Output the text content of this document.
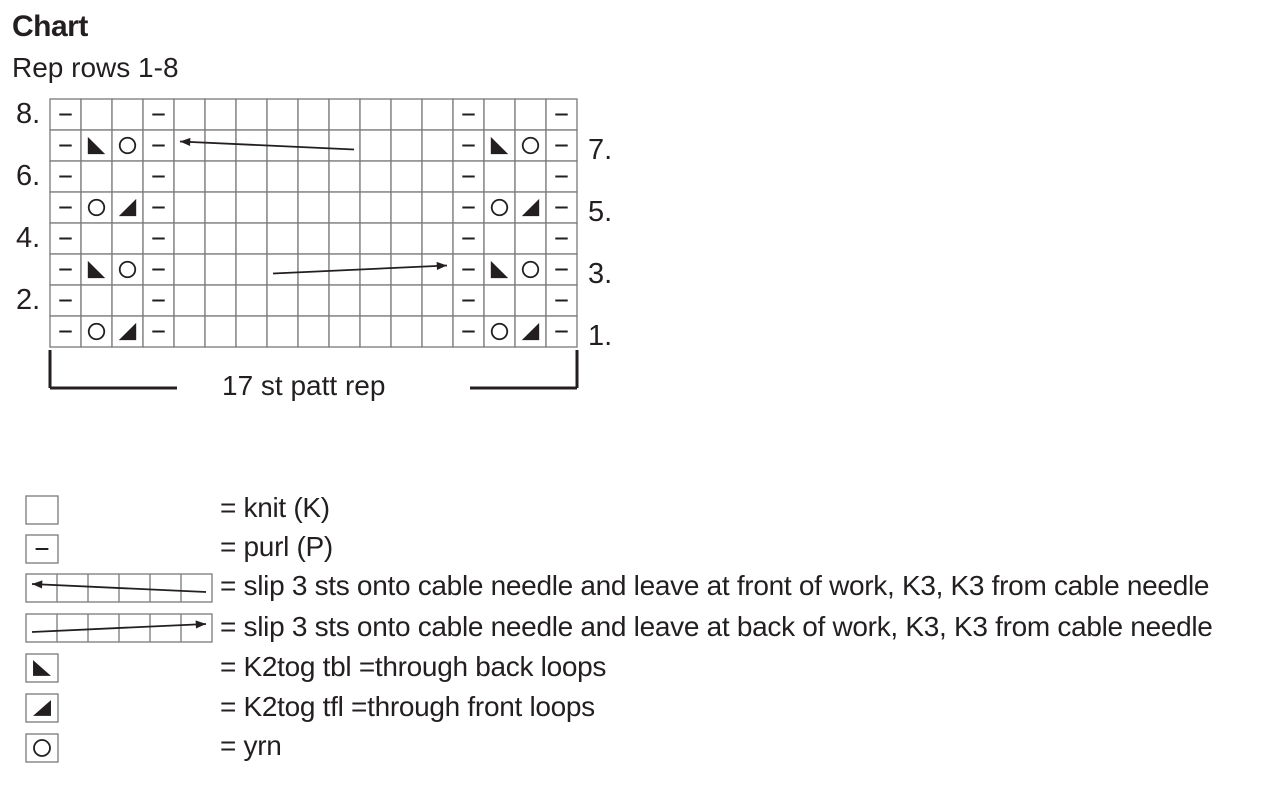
Chart
Rep rows 1-8
8.
6.
4.
2.
7.
5.
3.
1.
17 st patt rep
= knit (K)
= purl (P)
= slip 3 sts onto cable needle and leave at front of work, K3, K3 from cable needle
= slip 3 sts onto cable needle and leave at back of work, K3, K3 from cable needle
= K2tog tbl =through back loops
= K2tog tfl =through front loops
= yrn
